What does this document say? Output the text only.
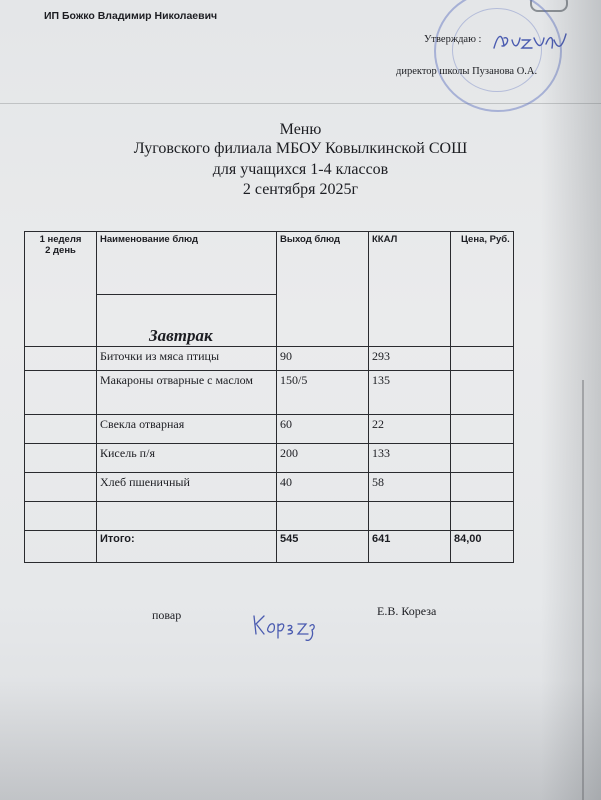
ИП Божко Владимир Николаевич
Утверждаю :
директор школы Пузанова О.А.
Меню
Луговского филиала МБОУ Ковылкинской СОШ
для учащихся 1-4 классов
2 сентября 2025г
1 неделя
2 день	Наименование блюд	Выход блюд	ККАЛ	Цена, Руб.

	Завтрак			

	Биточки из мяса птицы	90	293	
	Макароны отварные с маслом	150/5	135	
	Свекла отварная	60	22	
	Кисель п/я	200	133	
	Хлеб пшеничный	40	58	

	Итого:	545	641	84,00
повар	Е.В. Кореза
